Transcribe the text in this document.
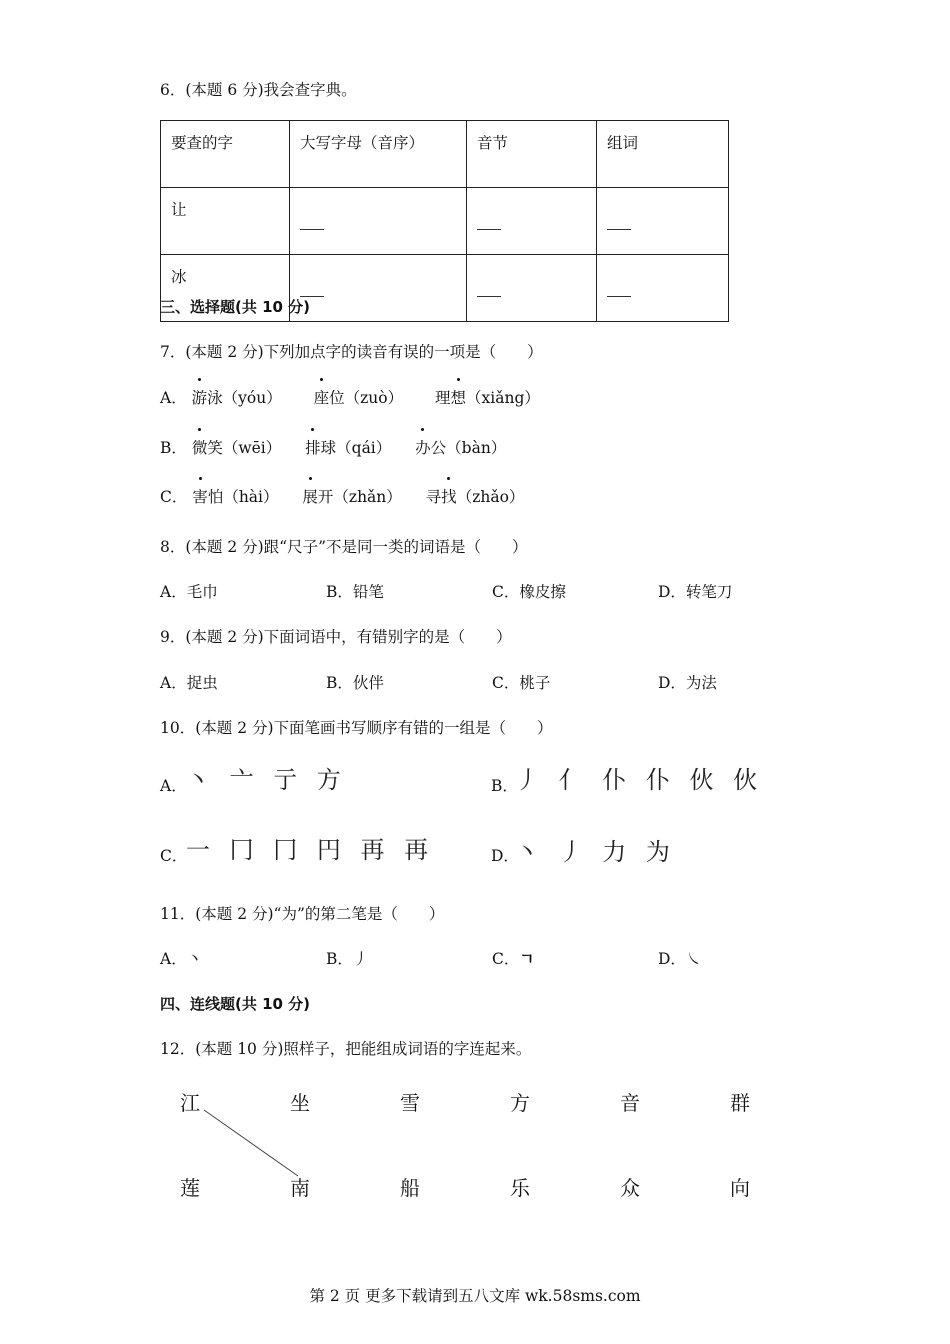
6．(本题 6 分)我会查字典。
要查的字	大写字母（音序）	音节	组词
让			
冰			
三、选择题(共 10 分)
7．(本题 2 分)下列加点字的读音有误的一项是（　　）
A． 游泳（yóu） 座位（zuò） 理想（xiǎng）
B． 微笑（wēi） 排球（qái） 办公（bàn）
C． 害怕（hài） 展开（zhǎn） 寻找（zhǎo）
8．(本题 2 分)跟“尺子”不是同一类的词语是（　　）
A．毛巾	B．铅笔	C．橡皮擦	D．转笔刀
9．(本题 2 分)下面词语中，有错别字的是（　　）
A．捉虫	B．伙伴	C．桃子	D．为法
10．(本题 2 分)下面笔画书写顺序有错的一组是（　　）
A． 丶 亠 亍 方	B．
丿 亻 仆 仆 伙 伙
C．
一 冂 冂 円 再 再	D．
丶 丿 力 为
11．(本题 2 分)“为”的第二笔是（　　）
A．丶	B．丿	C．ㄱ	D．㇏
四、连线题(共 10 分)
12．(本题 10 分)照样子，把能组成词语的字连起来。
江	坐	雪	方	音	群
莲	南	船	乐	众	向
第 2 页 更多下载请到五八文库 wk.58sms.com
